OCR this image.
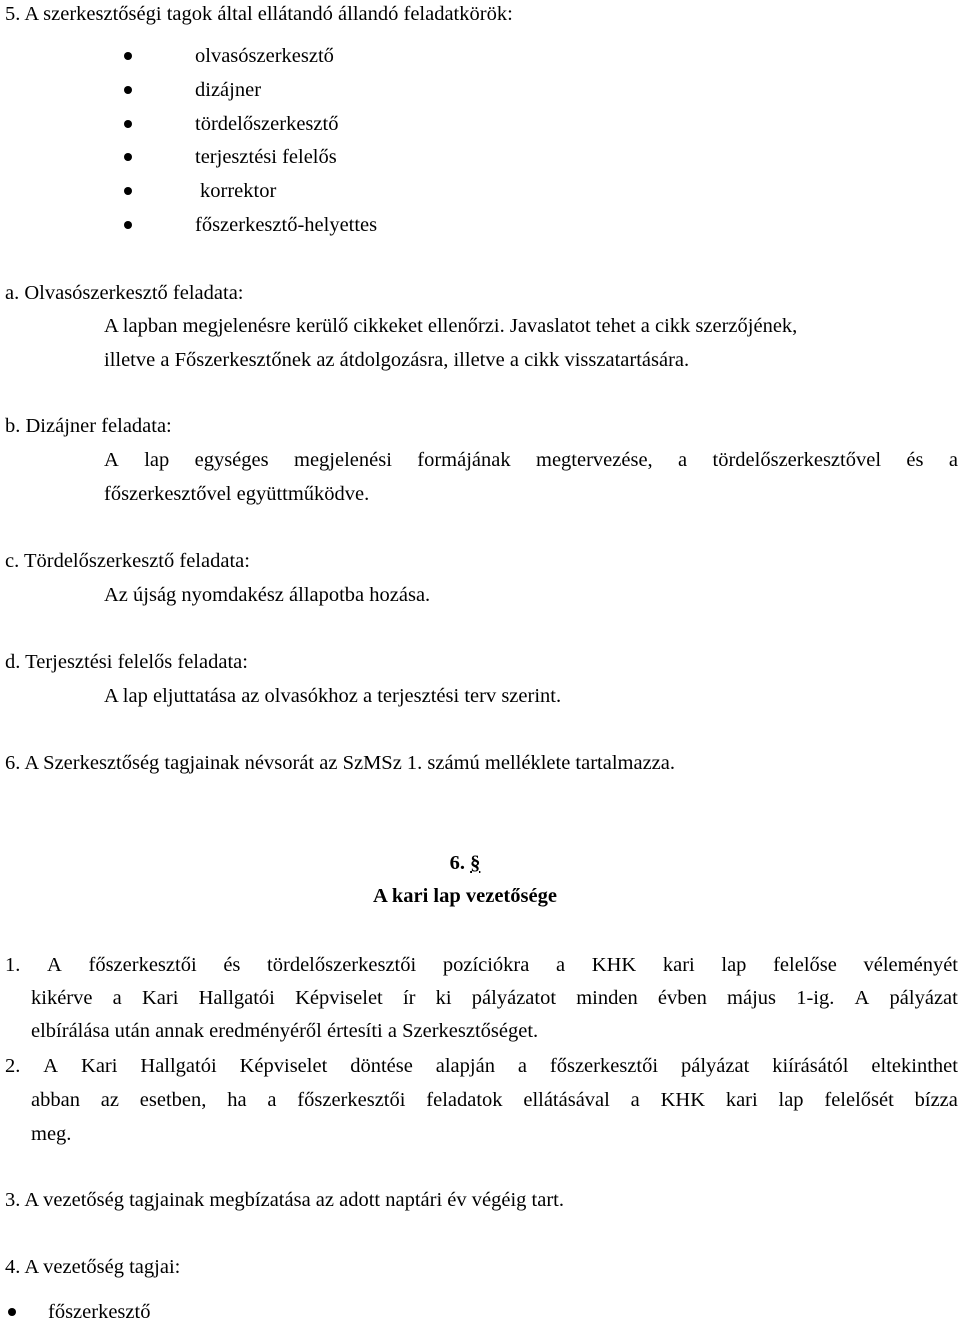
5. A szerkesztőségi tagok által ellátandó állandó feladatkörök:
olvasószerkesztő
dizájner
tördelőszerkesztő
terjesztési felelős
korrektor
főszerkesztő-helyettes
a. Olvasószerkesztő feladata:
A lapban megjelenésre kerülő cikkeket ellenőrzi. Javaslatot tehet a cikk szerzőjének,
illetve a Főszerkesztőnek az átdolgozásra, illetve a cikk visszatartására.
b. Dizájner feladata:
A lap egységes megjelenési formájának megtervezése, a tördelőszerkesztővel és a
főszerkesztővel együttműködve.
c. Tördelőszerkesztő feladata:
Az újság nyomdakész állapotba hozása.
d. Terjesztési felelős feladata:
A lap eljuttatása az olvasókhoz a terjesztési terv szerint.
6. A Szerkesztőség tagjainak névsorát az SzMSz 1. számú melléklete tartalmazza.
6. §
A kari lap vezetősége
1. A főszerkesztői és tördelőszerkesztői pozíciókra a KHK kari lap felelőse véleményét
kikérve a Kari Hallgatói Képviselet ír ki pályázatot minden évben május 1-ig. A pályázat
elbírálása után annak eredményéről értesíti a Szerkesztőséget.
2. A Kari Hallgatói Képviselet döntése alapján a főszerkesztői pályázat kiírásától eltekinthet
abban az esetben, ha a főszerkesztői feladatok ellátásával a KHK kari lap felelősét bízza
meg.
3. A vezetőség tagjainak megbízatása az adott naptári év végéig tart.
4. A vezetőség tagjai:
főszerkesztő
